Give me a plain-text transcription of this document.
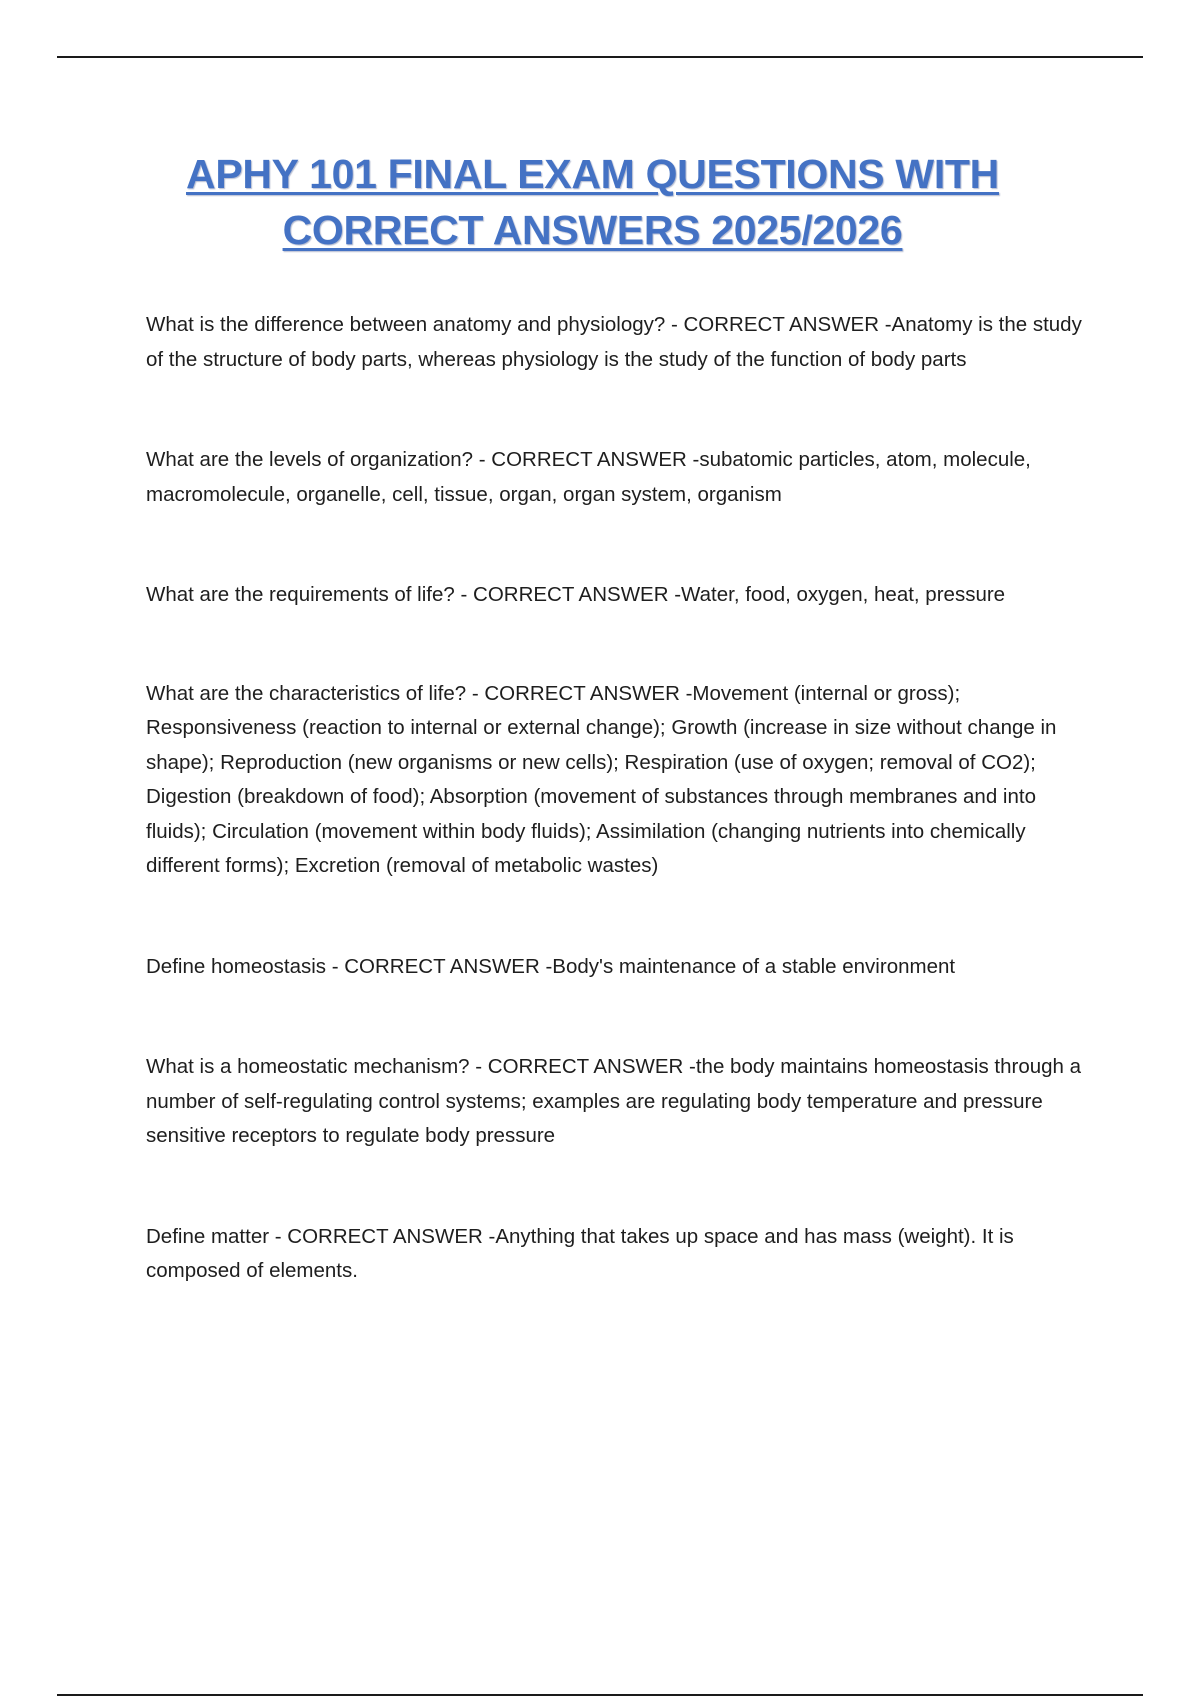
APHY 101 FINAL EXAM QUESTIONS WITH
CORRECT ANSWERS 2025/2026

What is the difference between anatomy and physiology? - CORRECT ANSWER -Anatomy is the study of the structure of body parts, whereas physiology is the study of the function of body parts

What are the levels of organization? - CORRECT ANSWER -subatomic particles, atom, molecule, macromolecule, organelle, cell, tissue, organ, organ system, organism

What are the requirements of life? - CORRECT ANSWER -Water, food, oxygen, heat, pressure

What are the characteristics of life? - CORRECT ANSWER -Movement (internal or gross); Responsiveness (reaction to internal or external change); Growth (increase in size without change in shape); Reproduction (new organisms or new cells); Respiration (use of oxygen; removal of CO2); Digestion (breakdown of food); Absorption (movement of substances through membranes and into fluids); Circulation (movement within body fluids); Assimilation (changing nutrients into chemically different forms); Excretion (removal of metabolic wastes)

Define homeostasis - CORRECT ANSWER -Body's maintenance of a stable environment

What is a homeostatic mechanism? - CORRECT ANSWER -the body maintains homeostasis through a number of self-regulating control systems; examples are regulating body temperature and pressure sensitive receptors to regulate body pressure

Define matter - CORRECT ANSWER -Anything that takes up space and has mass (weight). It is composed of elements.
